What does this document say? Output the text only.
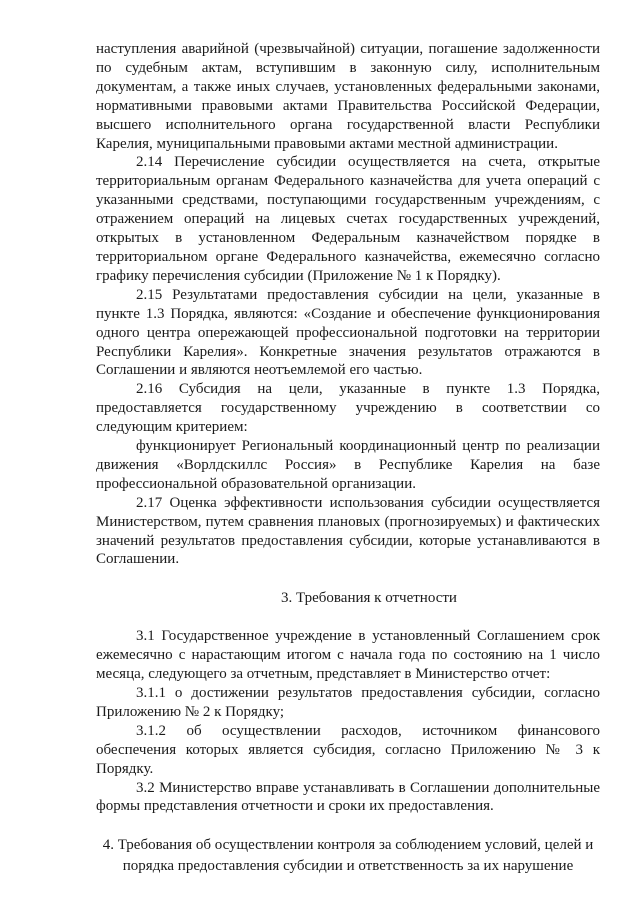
наступления аварийной (чрезвычайной) ситуации, погашение задолженности по судебным актам, вступившим в законную силу, исполнительным документам, а также иных случаев, установленных федеральными законами, нормативными правовыми актами Правительства Российской Федерации, высшего исполнительного органа государственной власти Республики Карелия, муниципальными правовыми актами местной администрации.

2.14 Перечисление субсидии осуществляется на счета, открытые территориальным органам Федерального казначейства для учета операций с указанными средствами, поступающими государственным учреждениям, с отражением операций на лицевых счетах государственных учреждений, открытых в установленном Федеральным казначейством порядке в территориальном органе Федерального казначейства, ежемесячно согласно графику перечисления субсидии (Приложение № 1 к Порядку).

2.15 Результатами предоставления субсидии на цели, указанные в пункте 1.3 Порядка, являются: «Создание и обеспечение функционирования одного центра опережающей профессиональной подготовки на территории Республики Карелия». Конкретные значения результатов отражаются в Соглашении и являются неотъемлемой его частью.

2.16 Субсидия на цели, указанные в пункте 1.3 Порядка, предоставляется государственному учреждению в соответствии со следующим критерием:

функционирует Региональный координационный центр по реализации движения «Ворлдскиллс Россия» в Республике Карелия на базе профессиональной образовательной организации.

2.17 Оценка эффективности использования субсидии осуществляется Министерством, путем сравнения плановых (прогнозируемых) и фактических значений результатов предоставления субсидии, которые устанавливаются в Соглашении.

3. Требования к отчетности

3.1 Государственное учреждение в установленный Соглашением срок ежемесячно с нарастающим итогом с начала года по состоянию на 1 число месяца, следующего за отчетным, представляет в Министерство отчет:

3.1.1 о достижении результатов предоставления субсидии, согласно Приложению № 2 к Порядку;

3.1.2 об осуществлении расходов, источником финансового обеспечения которых является субсидия, согласно Приложению № 3 к Порядку.

3.2 Министерство вправе устанавливать в Соглашении дополнительные формы представления отчетности и сроки их предоставления.

4. Требования об осуществлении контроля за соблюдением условий, целей и порядка предоставления субсидии и ответственность за их нарушение
